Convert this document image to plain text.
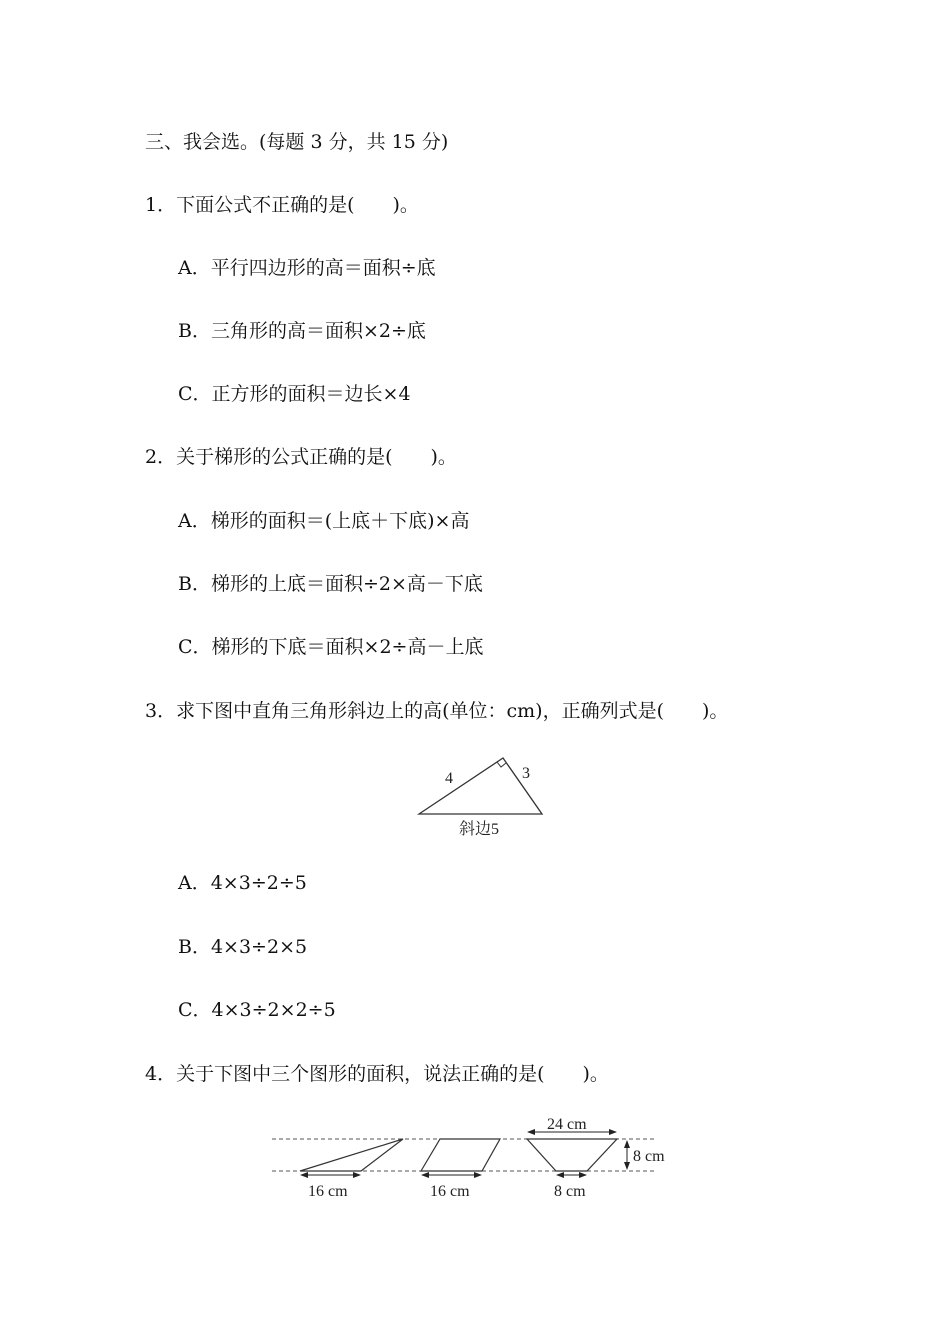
三、我会选。(每题 3 分，共 15 分)
1．下面公式不正确的是(　　)。
A．平行四边形的高＝面积÷底
B．三角形的高＝面积×2÷底
C．正方形的面积＝边长×4
2．关于梯形的公式正确的是(　　)。
A．梯形的面积＝(上底＋下底)×高
B．梯形的上底＝面积÷2×高－下底
C．梯形的下底＝面积×2÷高－上底
3．求下图中直角三角形斜边上的高(单位：cm)，正确列式是(　　)。
4	3
斜边5
16 cm	16 cm
24 cm
8 cm
8 cm
A．4×3÷2÷5
B．4×3÷2×5
C．4×3÷2×2÷5
4．关于下图中三个图形的面积，说法正确的是(　　)。
